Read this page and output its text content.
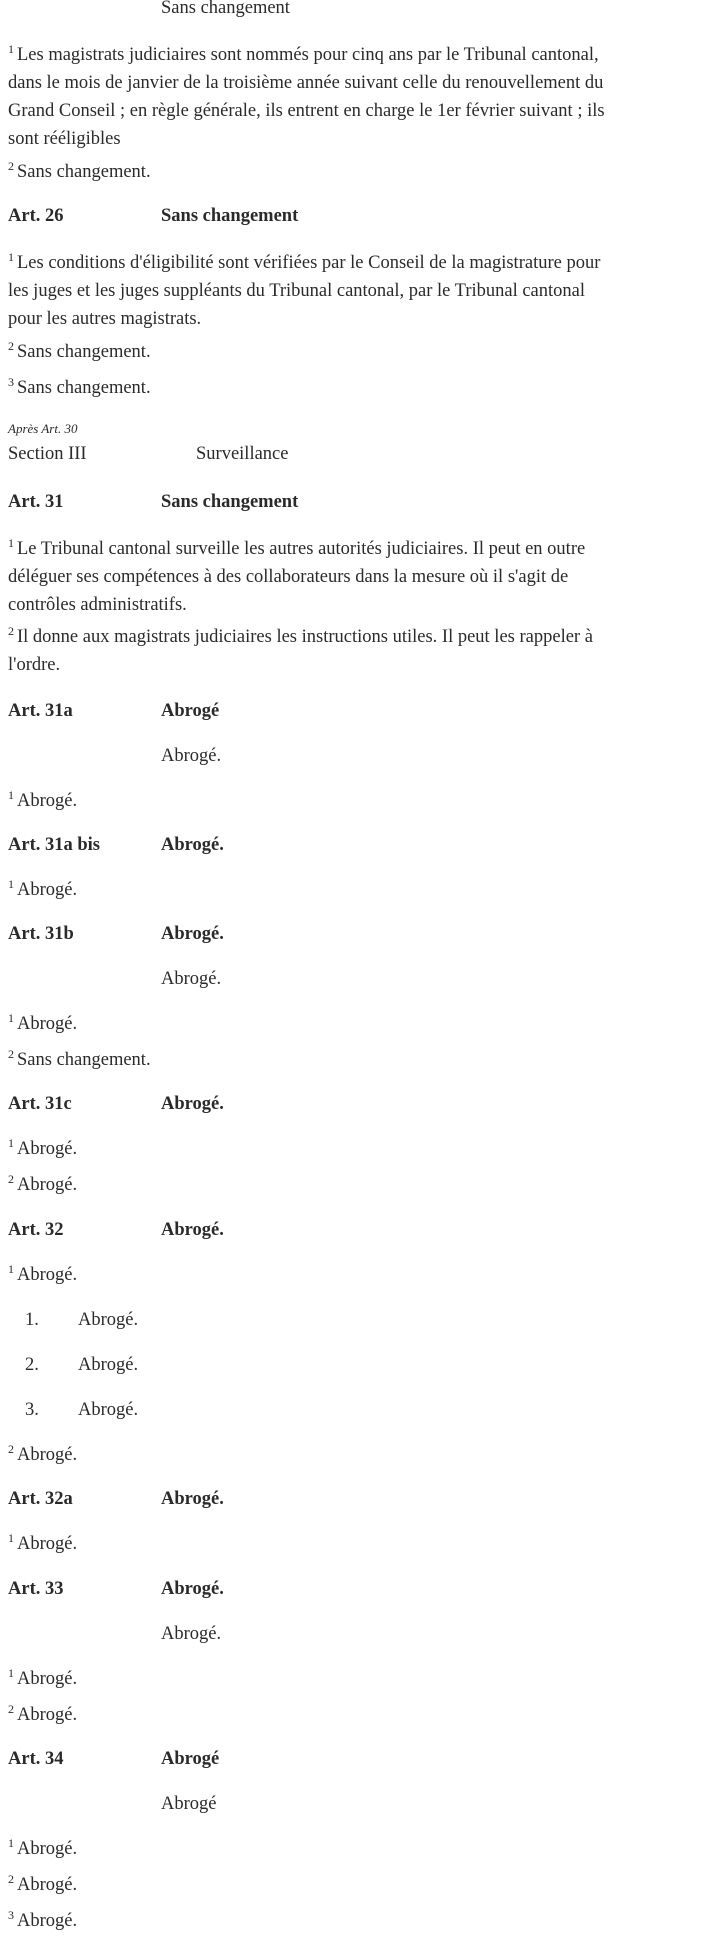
Sans changement
$^1$ Les magistrats judiciaires sont nommés pour cinq ans par le Tribunal cantonal,
dans le mois de janvier de la troisième année suivant celle du renouvellement du
Grand Conseil ; en règle générale, ils entrent en charge le 1er février suivant ; ils
sont rééligibles
$^2$ Sans changement.
Art. 26	Sans changement
$^1$ Les conditions d'éligibilité sont vérifiées par le Conseil de la magistrature pour
les juges et les juges suppléants du Tribunal cantonal, par le Tribunal cantonal
pour les autres magistrats.
$^2$ Sans changement.
$^3$ Sans changement.
Après Art. 30
Section III	Surveillance
Art. 31	Sans changement
$^1$ Le Tribunal cantonal surveille les autres autorités judiciaires. Il peut en outre
déléguer ses compétences à des collaborateurs dans la mesure où il s'agit de
contrôles administratifs.
$^2$ Il donne aux magistrats judiciaires les instructions utiles. Il peut les rappeler à
l'ordre.
Art. 31a	Abrogé
Abrogé.
$^1$ Abrogé.
Art. 31a bis	Abrogé.
$^1$ Abrogé.
Art. 31b	Abrogé.
Abrogé.
$^1$ Abrogé.
$^2$ Sans changement.
Art. 31c	Abrogé.
$^1$ Abrogé.
$^2$ Abrogé.
Art. 32	Abrogé.
$^1$ Abrogé.
1. Abrogé.
2. Abrogé.
3. Abrogé.
$^2$ Abrogé.
Art. 32a	Abrogé.
$^1$ Abrogé.
Art. 33	Abrogé.
Abrogé.
$^1$ Abrogé.
$^2$ Abrogé.
Art. 34	Abrogé
Abrogé
$^1$ Abrogé.
$^2$ Abrogé.
$^3$ Abrogé.
